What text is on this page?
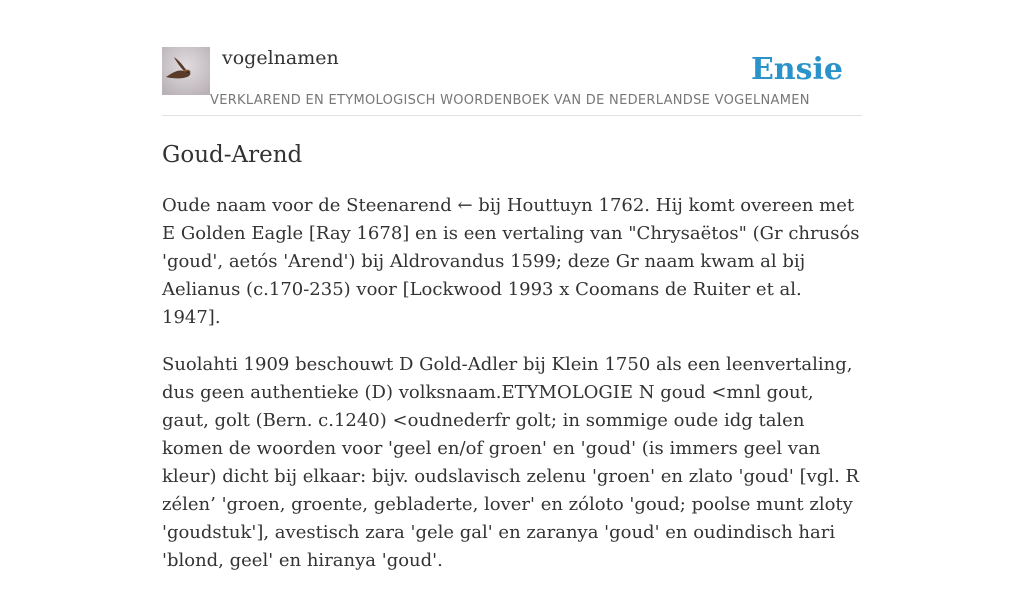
vogelnamen	Ensie
VERKLAREND EN ETYMOLOGISCH WOORDENBOEK VAN DE NEDERLANDSE VOGELNAMEN
Goud-Arend

Oude naam voor de Steenarend ← bij Houttuyn 1762. Hij komt overeen met E Golden Eagle [Ray 1678] en is een vertaling van "Chrysaëtos" (Gr chrusós 'goud', aetós 'Arend') bij Aldrovandus 1599; deze Gr naam kwam al bij Aelianus (c.170-235) voor [Lockwood 1993 x Coomans de Ruiter et al. 1947].

Suolahti 1909 beschouwt D Gold-Adler bij Klein 1750 als een leenvertaling, dus geen authentieke (D) volksnaam.ETYMOLOGIE N goud <mnl gout, gaut, golt (Bern. c.1240) <oudnederfr golt; in sommige oude idg talen komen de woorden voor 'geel en/of groen' en 'goud' (is immers geel van kleur) dicht bij elkaar: bijv. oudslavisch zelenu 'groen' en zlato 'goud' [vgl. R zélen’ 'groen, groente, gebladerte, lover' en zóloto 'goud; poolse munt zloty 'goudstuk'], avestisch zara 'gele gal' en zaranya 'goud' en oudindisch hari 'blond, geel' en hiranya 'goud'.
